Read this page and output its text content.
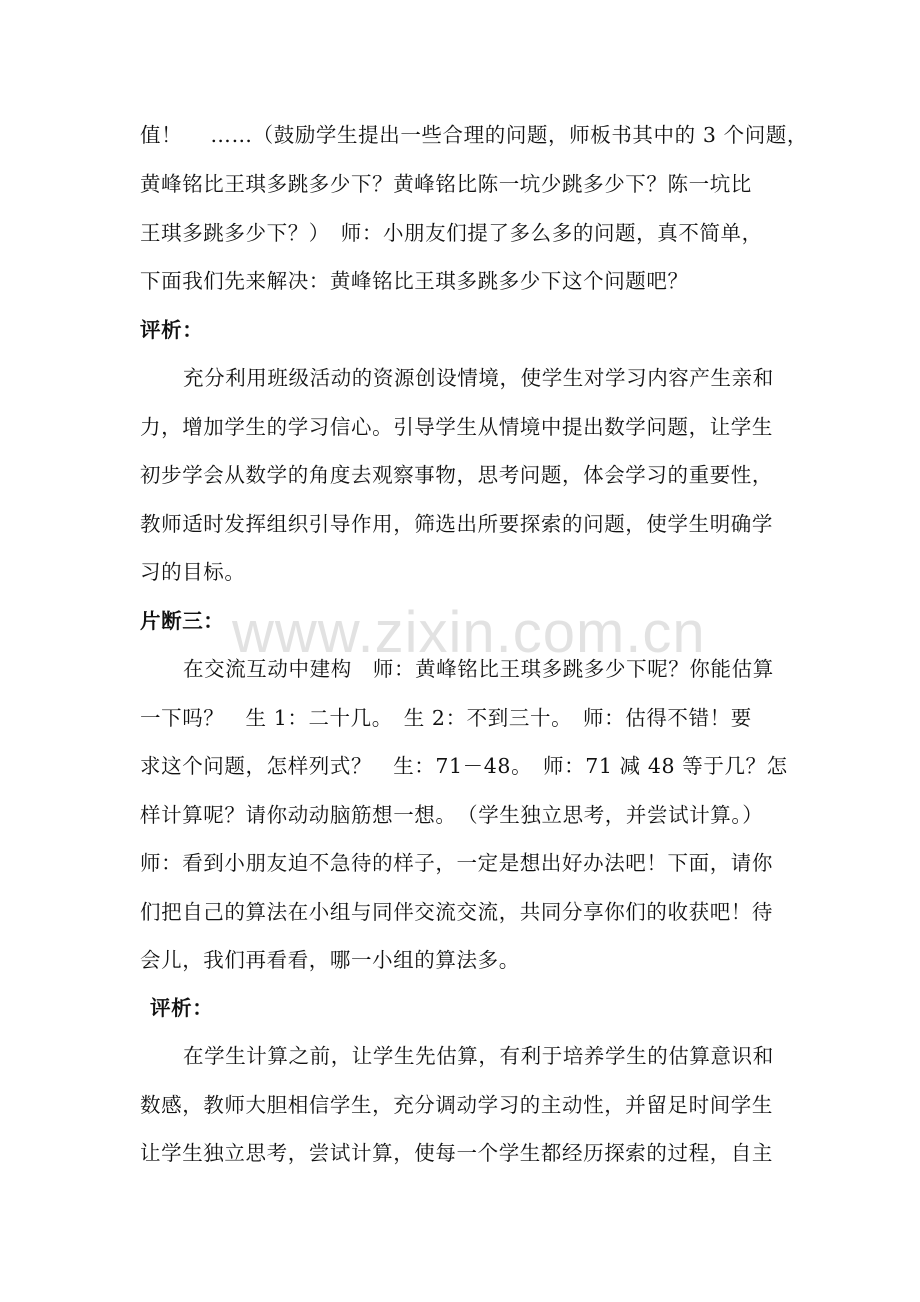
www.zixin.com.cn
值！　 ……（鼓励学生提出一些合理的问题，师板书其中的 3 个问题，
黄峰铭比王琪多跳多少下？黄峰铭比陈一坑少跳多少下？陈一坑比
王琪多跳多少下？）　师：小朋友们提了多么多的问题，真不简单，
下面我们先来解决：黄峰铭比王琪多跳多少下这个问题吧？
评析：
充分利用班级活动的资源创设情境，使学生对学习内容产生亲和
力，增加学生的学习信心。引导学生从情境中提出数学问题，让学生
初步学会从数学的角度去观察事物，思考问题，体会学习的重要性，
教师适时发挥组织引导作用，筛选出所要探索的问题，使学生明确学
习的目标。
片断三：
在交流互动中建构　师：黄峰铭比王琪多跳多少下呢？你能估算
一下吗？　生 1：二十几。　生 2：不到三十。　师：估得不错！要
求这个问题，怎样列式？　生：71－48。　师：71 减 48 等于几？怎
样计算呢？请你动动脑筋想一想。　（学生独立思考，并尝试计算。）
师：看到小朋友迫不急待的样子，一定是想出好办法吧！下面，请你
们把自己的算法在小组与同伴交流交流，共同分享你们的收获吧！待
会儿，我们再看看，哪一小组的算法多。
评析：
在学生计算之前，让学生先估算，有利于培养学生的估算意识和
数感，教师大胆相信学生，充分调动学习的主动性，并留足时间学生
让学生独立思考，尝试计算，使每一个学生都经历探索的过程，自主
